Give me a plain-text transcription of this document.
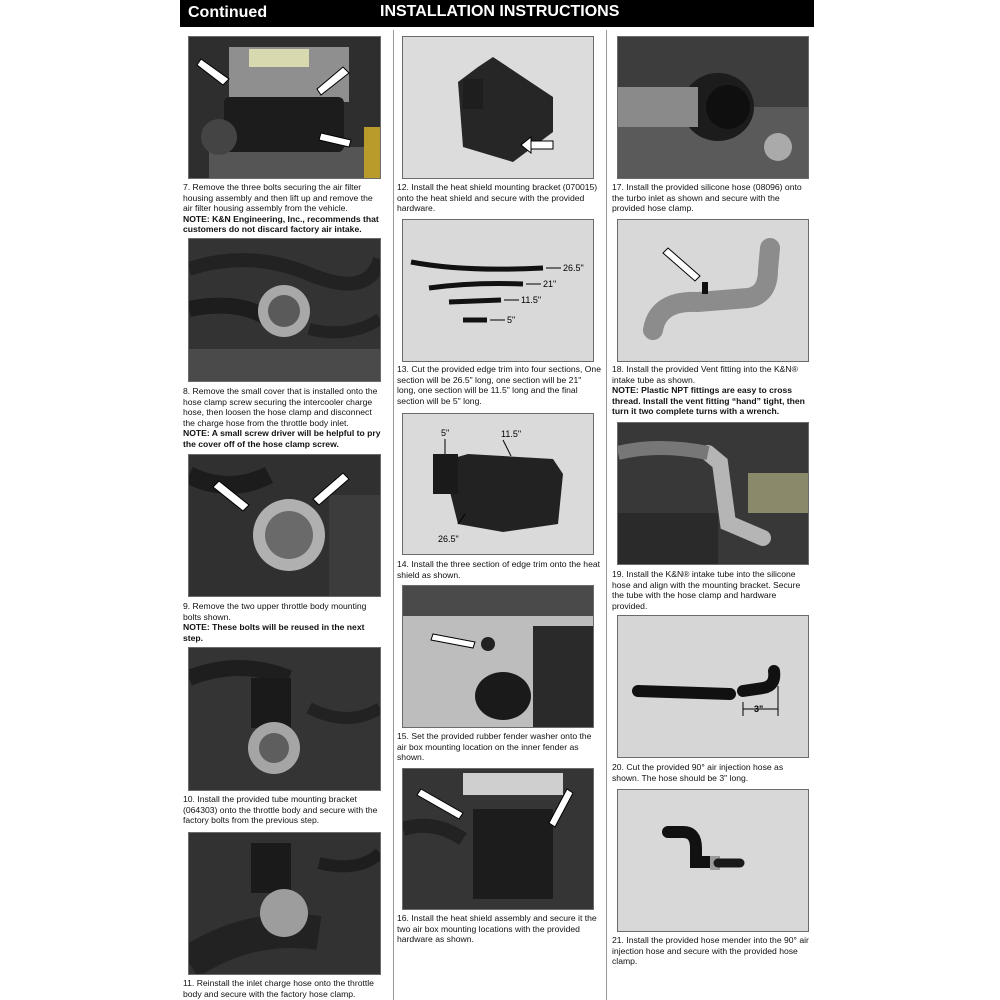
Continued	INSTALLATION INSTRUCTIONS

7. Remove the three bolts securing the air filter housing assembly and then lift up and remove the air filter housing assembly from the vehicle.

NOTE: K&N Engineering, Inc., recommends that customers do not discard factory air intake.

8. Remove the small cover that is installed onto the hose clamp screw securing the intercooler charge hose, then loosen the hose clamp and disconnect the charge hose from the throttle body inlet.

NOTE: A small screw driver will be helpful to pry the cover off of the hose clamp screw.

9. Remove the two upper throttle body mounting bolts shown.

NOTE: These bolts will be reused in the next step.

10. Install the provided tube mounting bracket (064303) onto the throttle body and secure with the factory bolts from the previous step.

11. Reinstall the inlet charge hose onto the throttle body and secure with the factory hose clamp.

12. Install the heat shield mounting bracket (070015) onto the heat shield and secure with the provided hardware.

26.5"
21"
11.5"
5"

13. Cut the provided edge trim into four sections, One section will be 26.5" long, one section will be 21" long, one section will be 11.5" long and the final section will be 5" long.

5"	11.5"
26.5"

14. Install the three section of edge trim onto the heat shield as shown.

15. Set the provided rubber fender washer onto the air box mounting location on the inner fender as shown.

16. Install the heat shield assembly and secure it the two air box mounting locations with the provided hardware as shown.

17. Install the provided silicone hose (08096) onto the turbo inlet as shown and secure with the provided hose clamp.

18. Install the provided Vent fitting into the K&N® intake tube as shown.

NOTE: Plastic NPT fittings are easy to cross thread. Install the vent fitting “hand” tight, then turn it two complete turns with a wrench.

19. Install the K&N® intake tube into the silicone hose and align with the mounting bracket. Secure the tube with the hose clamp and hardware provided.

3"

20. Cut the provided 90° air injection hose as shown. The hose should be 3" long.

21. Install the provided hose mender into the 90° air injection hose and secure with the provided hose clamp.
